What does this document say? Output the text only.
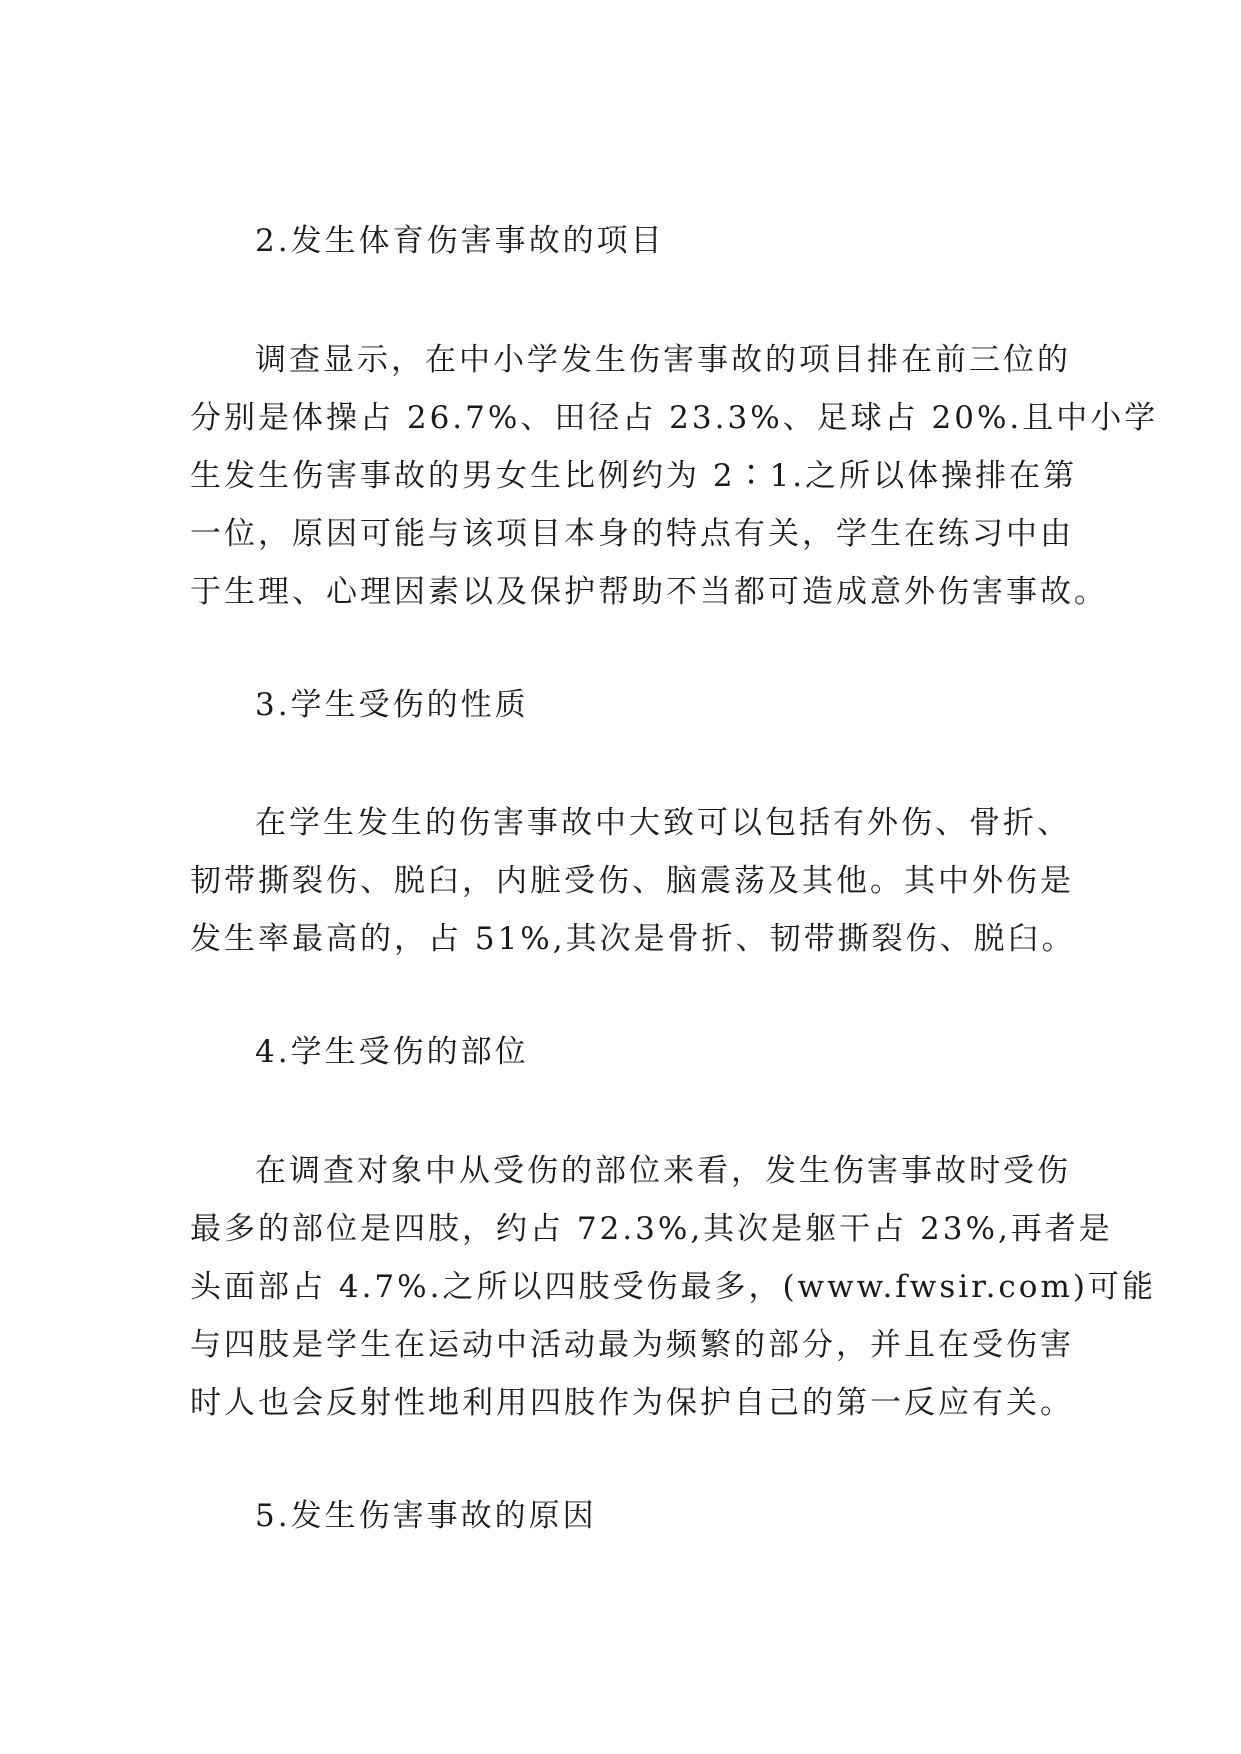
2.发生体育伤害事故的项目
调查显示，在中小学发生伤害事故的项目排在前三位的
分别是体操占 26.7%、田径占 23.3%、足球占 20%.且中小学
生发生伤害事故的男女生比例约为 2∶1.之所以体操排在第
一位，原因可能与该项目本身的特点有关，学生在练习中由
于生理、心理因素以及保护帮助不当都可造成意外伤害事故。
3.学生受伤的性质
在学生发生的伤害事故中大致可以包括有外伤、骨折、
韧带撕裂伤、脱臼，内脏受伤、脑震荡及其他。其中外伤是
发生率最高的，占 51%,其次是骨折、韧带撕裂伤、脱臼。
4.学生受伤的部位
在调查对象中从受伤的部位来看，发生伤害事故时受伤
最多的部位是四肢，约占 72.3%,其次是躯干占 23%,再者是
头面部占 4.7%.之所以四肢受伤最多，(www.fwsir.com)可能
与四肢是学生在运动中活动最为频繁的部分，并且在受伤害
时人也会反射性地利用四肢作为保护自己的第一反应有关。
5.发生伤害事故的原因
